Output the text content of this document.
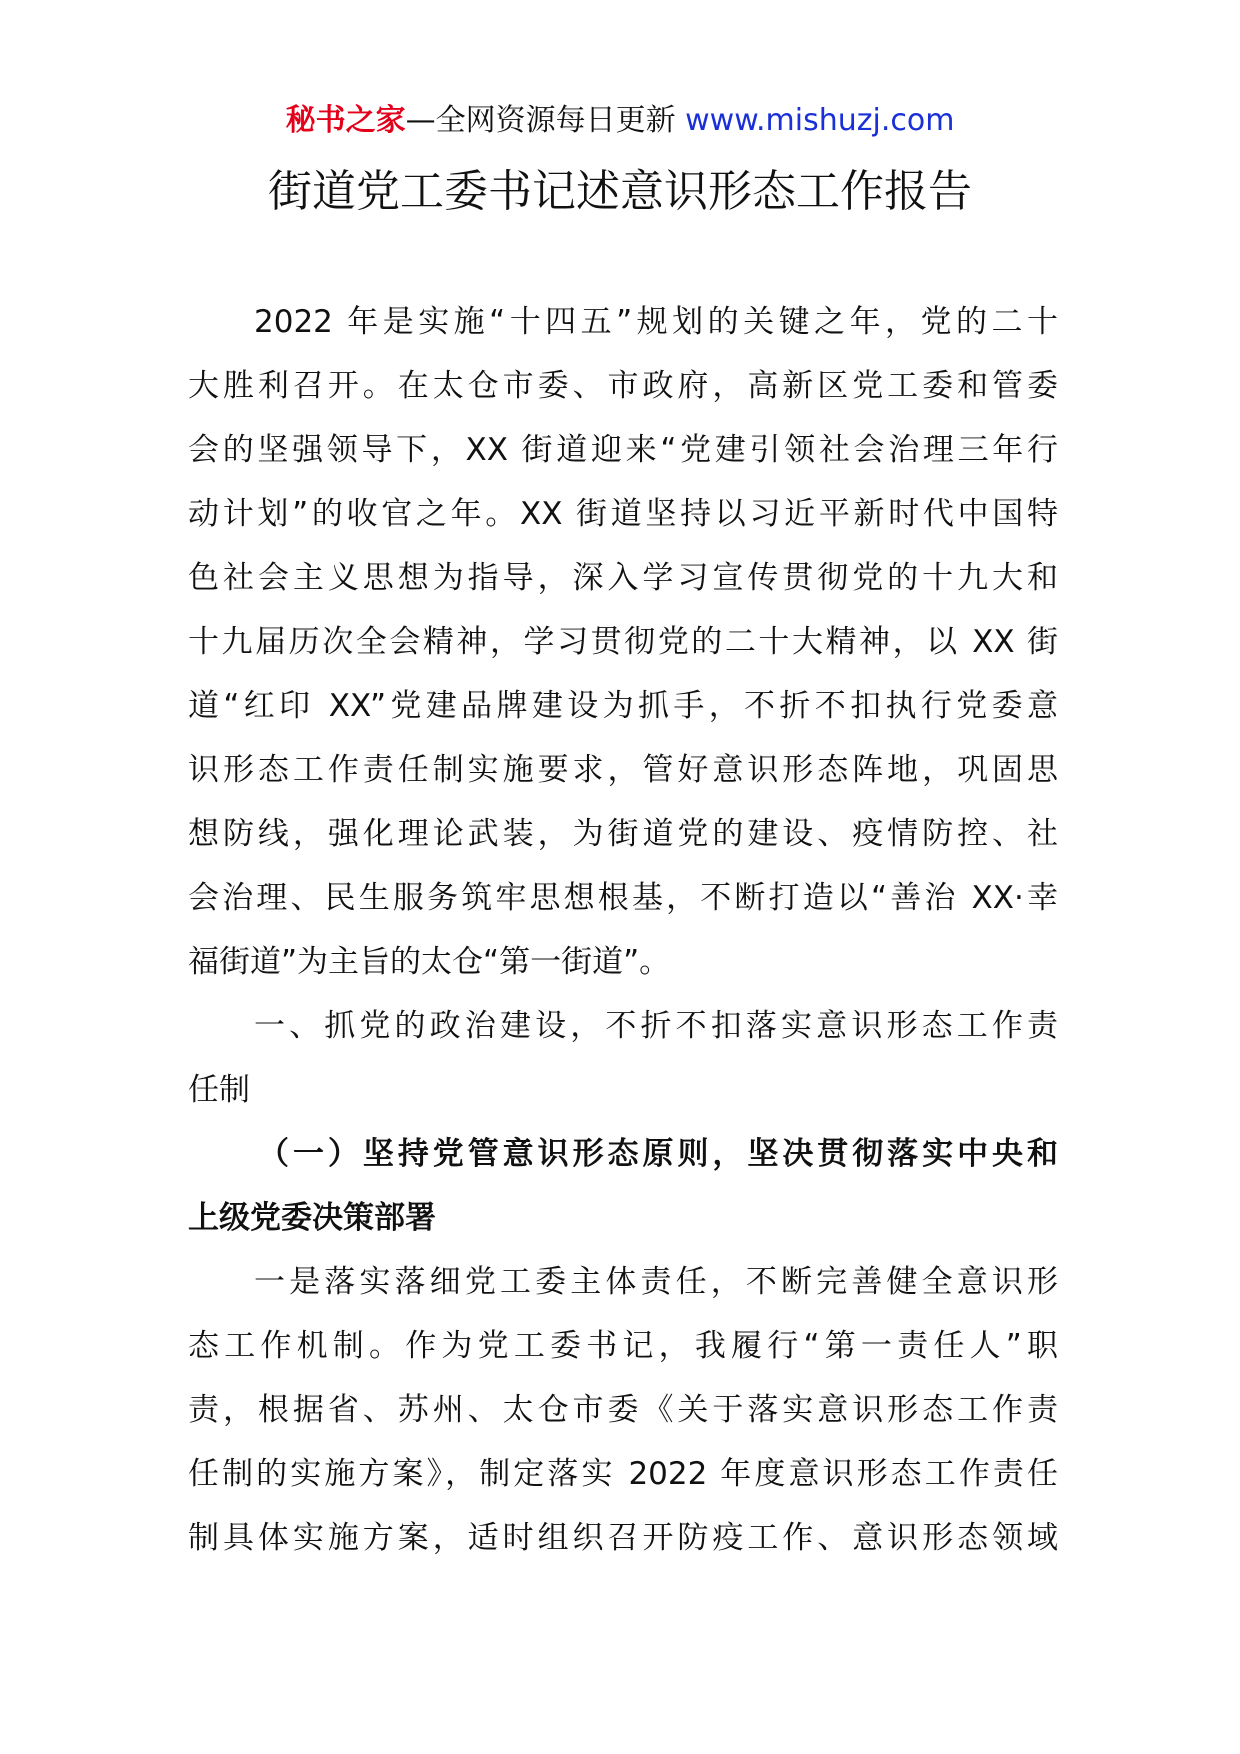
秘书之家—全网资源每日更新 www.mishuzj.com
街道党工委书记述意识形态工作报告
2022 年是实施“十四五”规划的关键之年，党的二十
大胜利召开。在太仓市委、市政府，高新区党工委和管委
会的坚强领导下，XX 街道迎来“党建引领社会治理三年行
动计划”的收官之年。XX 街道坚持以习近平新时代中国特
色社会主义思想为指导，深入学习宣传贯彻党的十九大和
十九届历次全会精神，学习贯彻党的二十大精神，以 XX 街
道“红印 XX”党建品牌建设为抓手，不折不扣执行党委意
识形态工作责任制实施要求，管好意识形态阵地，巩固思
想防线，强化理论武装，为街道党的建设、疫情防控、社
会治理、民生服务筑牢思想根基，不断打造以“善治 XX·幸
福街道”为主旨的太仓“第一街道”。
一、抓党的政治建设，不折不扣落实意识形态工作责
任制
（一）坚持党管意识形态原则，坚决贯彻落实中央和
上级党委决策部署
一是落实落细党工委主体责任，不断完善健全意识形
态工作机制。作为党工委书记，我履行“第一责任人”职
责，根据省、苏州、太仓市委《关于落实意识形态工作责
任制的实施方案》，制定落实 2022 年度意识形态工作责任
制具体实施方案，适时组织召开防疫工作、意识形态领域
